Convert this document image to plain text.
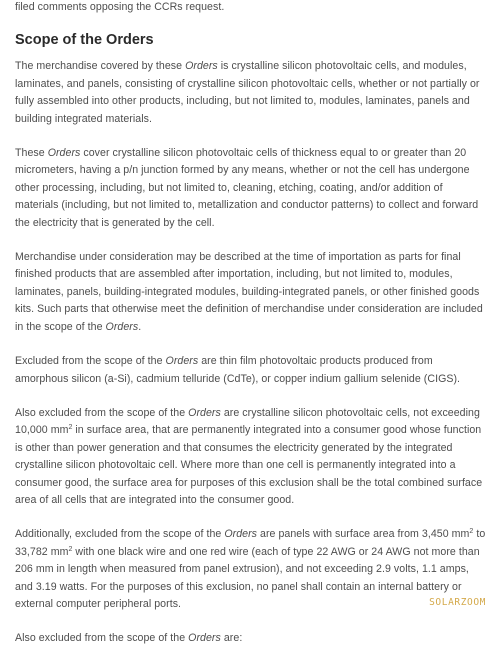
filed comments opposing the CCRs request.

Scope of the Orders

The merchandise covered by these Orders is crystalline silicon photovoltaic cells, and modules, laminates, and panels, consisting of crystalline silicon photovoltaic cells, whether or not partially or fully assembled into other products, including, but not limited to, modules, laminates, panels and building integrated materials.

These Orders cover crystalline silicon photovoltaic cells of thickness equal to or greater than 20 micrometers, having a p/n junction formed by any means, whether or not the cell has undergone other processing, including, but not limited to, cleaning, etching, coating, and/or addition of materials (including, but not limited to, metallization and conductor patterns) to collect and forward the electricity that is generated by the cell.

Merchandise under consideration may be described at the time of importation as parts for final finished products that are assembled after importation, including, but not limited to, modules, laminates, panels, building-integrated modules, building-integrated panels, or other finished goods kits. Such parts that otherwise meet the definition of merchandise under consideration are included in the scope of the Orders.

Excluded from the scope of the Orders are thin film photovoltaic products produced from amorphous silicon (a-Si), cadmium telluride (CdTe), or copper indium gallium selenide (CIGS).

Also excluded from the scope of the Orders are crystalline silicon photovoltaic cells, not exceeding 10,000 $mm^2$ in surface area, that are permanently integrated into a consumer good whose function is other than power generation and that consumes the electricity generated by the integrated crystalline silicon photovoltaic cell. Where more than one cell is permanently integrated into a consumer good, the surface area for purposes of this exclusion shall be the total combined surface area of all cells that are integrated into the consumer good.

Additionally, excluded from the scope of the Orders are panels with surface area from 3,450 $mm^2$ to 33,782 $mm^2$ with one black wire and one red wire (each of type 22 AWG or 24 AWG not more than 206 mm in length when measured from panel extrusion), and not exceeding 2.9 volts, 1.1 amps, and 3.19 watts. For the purposes of this exclusion, no panel shall contain an internal battery or external computer peripheral ports.

Also excluded from the scope of the Orders are:

SOLARZOOM
